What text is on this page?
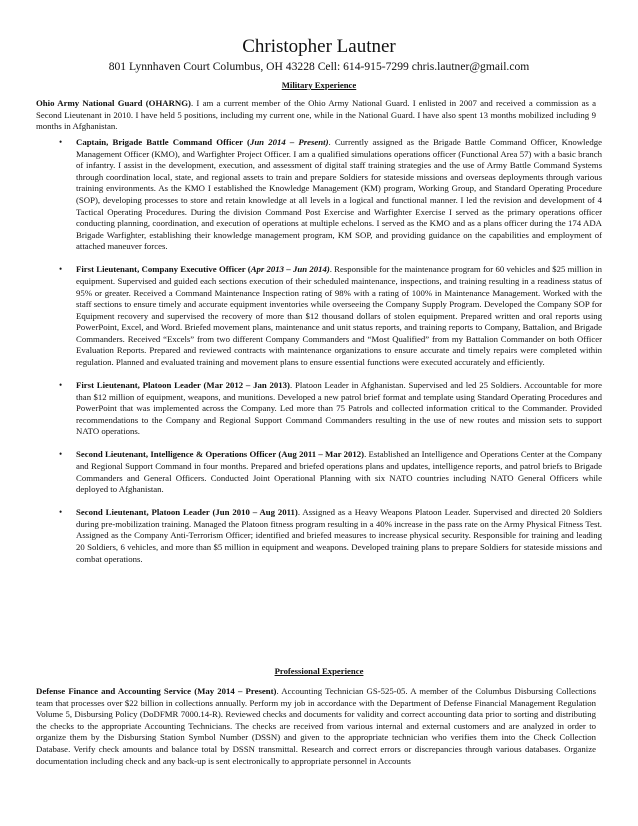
Christopher Lautner
801 Lynnhaven Court Columbus, OH 43228 Cell: 614-915-7299 chris.lautner@gmail.com
Military Experience
Ohio Army National Guard (OHARNG). I am a current member of the Ohio Army National Guard. I enlisted in 2007 and received a commission as a Second Lieutenant in 2010. I have held 5 positions, including my current one, while in the National Guard. I have also spent 13 months mobilized including 9 months in Afghanistan.
• Captain, Brigade Battle Command Officer (Jun 2014 – Present). Currently assigned as the Brigade Battle Command Officer, Knowledge Management Officer (KMO), and Warfighter Project Officer. I am a qualified simulations operations officer (Functional Area 57) with a basic branch of infantry. I assist in the development, execution, and assessment of digital staff training strategies and the use of Army Battle Command Systems through coordination local, state, and regional assets to train and prepare Soldiers for stateside missions and overseas deployments through various training environments. As the KMO I established the Knowledge Management (KM) program, Working Group, and Standard Operating Procedure (SOP), developing processes to store and retain knowledge at all levels in a logical and functional manner. I led the revision and development of 4 Tactical Operating Procedures. During the division Command Post Exercise and Warfighter Exercise I served as the primary operations officer conducting planning, coordination, and execution of operations at multiple echelons. I served as the KMO and as a plans officer during the 174 ADA Brigade Warfighter, establishing their knowledge management program, KM SOP, and providing guidance on the capabilities and employment of attached maneuver forces.
• First Lieutenant, Company Executive Officer (Apr 2013 – Jun 2014). Responsible for the maintenance program for 60 vehicles and $25 million in equipment. Supervised and guided each sections execution of their scheduled maintenance, inspections, and training resulting in a readiness status of 95% or greater. Received a Command Maintenance Inspection rating of 98% with a rating of 100% in Maintenance Management. Worked with the staff sections to ensure timely and accurate equipment inventories while overseeing the Company Supply Program. Developed the Company SOP for Equipment recovery and supervised the recovery of more than $12 thousand dollars of stolen equipment. Prepared written and oral reports using PowerPoint, Excel, and Word. Briefed movement plans, maintenance and unit status reports, and training reports to Company, Battalion, and Brigade Commanders. Received “Excels” from two different Company Commanders and “Most Qualified” from my Battalion Commander on both Officer Evaluation Reports. Prepared and reviewed contracts with maintenance organizations to ensure accurate and timely repairs were completed within regulation. Planned and evaluated training and movement plans to ensure essential functions were executed accurately and efficiently.
• First Lieutenant, Platoon Leader (Mar 2012 – Jan 2013). Platoon Leader in Afghanistan. Supervised and led 25 Soldiers. Accountable for more than $12 million of equipment, weapons, and munitions. Developed a new patrol brief format and template using Standard Operating Procedures and PowerPoint that was implemented across the Company. Led more than 75 Patrols and collected information critical to the Commander. Provided recommendations to the Company and Regional Support Command Commanders resulting in the use of new routes and mission sets to support NATO operations.
• Second Lieutenant, Intelligence & Operations Officer (Aug 2011 – Mar 2012). Established an Intelligence and Operations Center at the Company and Regional Support Command in four months. Prepared and briefed operations plans and updates, intelligence reports, and patrol briefs to Brigade Commanders and General Officers. Conducted Joint Operational Planning with six NATO countries including NATO General Officers while deployed to Afghanistan.
• Second Lieutenant, Platoon Leader (Jun 2010 – Aug 2011). Assigned as a Heavy Weapons Platoon Leader. Supervised and directed 20 Soldiers during pre-mobilization training. Managed the Platoon fitness program resulting in a 40% increase in the pass rate on the Army Physical Fitness Test. Assigned as the Company Anti-Terrorism Officer; identified and briefed measures to increase physical security. Responsible for training and leading 20 Soldiers, 6 vehicles, and more than $5 million in equipment and weapons. Developed training plans to prepare Soldiers for stateside missions and combat operations.
Professional Experience
Defense Finance and Accounting Service (May 2014 – Present). Accounting Technician GS-525-05. A member of the Columbus Disbursing Collections team that processes over $22 billion in collections annually. Perform my job in accordance with the Department of Defense Financial Management Regulation Volume 5, Disbursing Policy (DoDFMR 7000.14-R). Reviewed checks and documents for validity and correct accounting data prior to sorting and distributing the checks to the appropriate Accounting Technicians. The checks are received from various internal and external customers and are analyzed in order to organize them by the Disbursing Station Symbol Number (DSSN) and given to the appropriate technician who verifies them into the Check Collection Database. Verify check amounts and balance total by DSSN transmittal. Research and correct errors or discrepancies through various databases. Organize documentation including check and any back-up is sent electronically to appropriate personnel in Accounts
